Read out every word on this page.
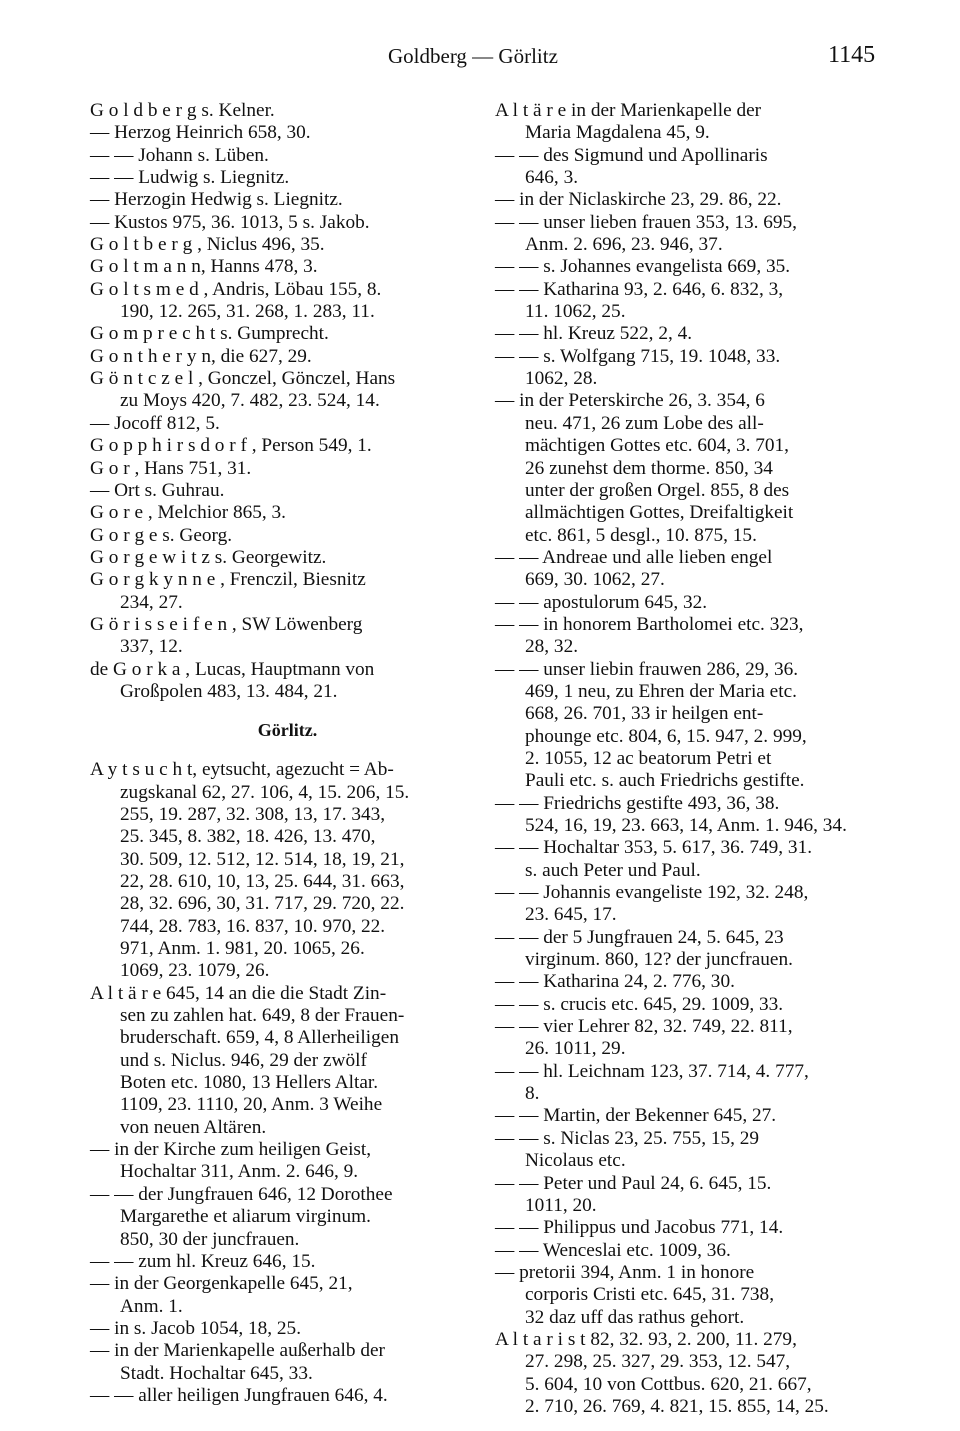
Goldberg — Görlitz	1145
G o l d b e r g s. Kelner.
— Herzog Heinrich 658, 30.
— — Johann s. Lüben.
— — Ludwig s. Liegnitz.
— Herzogin Hedwig s. Liegnitz.
— Kustos 975, 36. 1013, 5 s. Jakob.
G o l t b e r g , Niclus 496, 35.
G o l t m a n n, Hanns 478, 3.
G o l t s m e d , Andris, Löbau 155, 8.
190, 12. 265, 31. 268, 1. 283, 11.
G o m p r e c h t s. Gumprecht.
G o n t h e r y n, die 627, 29.
G ö n t c z e l , Gonczel, Gönczel, Hans
zu Moys 420, 7. 482, 23. 524, 14.
— Jocoff 812, 5.
G o p p h i r s d o r f , Person 549, 1.
G o r , Hans 751, 31.
— Ort s. Guhrau.
G o r e , Melchior 865, 3.
G o r g e s. Georg.
G o r g e w i t z s. Georgewitz.
G o r g k y n n e , Frenczil, Biesnitz
234, 27.
G ö r i s s e i f e n , SW Löwenberg
337, 12.
de G o r k a , Lucas, Hauptmann von
Großpolen 483, 13. 484, 21.
Görlitz.
A y t s u c h t, eytsucht, agezucht = Ab-
zugskanal 62, 27. 106, 4, 15. 206, 15.
255, 19. 287, 32. 308, 13, 17. 343,
25. 345, 8. 382, 18. 426, 13. 470,
30. 509, 12. 512, 12. 514, 18, 19, 21,
22, 28. 610, 10, 13, 25. 644, 31. 663,
28, 32. 696, 30, 31. 717, 29. 720, 22.
744, 28. 783, 16. 837, 10. 970, 22.
971, Anm. 1. 981, 20. 1065, 26.
1069, 23. 1079, 26.
A l t ä r e 645, 14 an die die Stadt Zin-
sen zu zahlen hat. 649, 8 der Frauen-
bruderschaft. 659, 4, 8 Allerheiligen
und s. Niclus. 946, 29 der zwölf
Boten etc. 1080, 13 Hellers Altar.
1109, 23. 1110, 20, Anm. 3 Weihe
von neuen Altären.
— in der Kirche zum heiligen Geist,
Hochaltar 311, Anm. 2. 646, 9.
— — der Jungfrauen 646, 12 Dorothee
Margarethe et aliarum virginum.
850, 30 der juncfrauen.
— — zum hl. Kreuz 646, 15.
— in der Georgenkapelle 645, 21,
Anm. 1.
— in s. Jacob 1054, 18, 25.
— in der Marienkapelle außerhalb der
Stadt. Hochaltar 645, 33.
— — aller heiligen Jungfrauen 646, 4.
A l t ä r e in der Marienkapelle der
Maria Magdalena 45, 9.
— — des Sigmund und Apollinaris
646, 3.
— in der Niclaskirche 23, 29. 86, 22.
— — unser lieben frauen 353, 13. 695,
Anm. 2. 696, 23. 946, 37.
— — s. Johannes evangelista 669, 35.
— — Katharina 93, 2. 646, 6. 832, 3,
11. 1062, 25.
— — hl. Kreuz 522, 2, 4.
— — s. Wolfgang 715, 19. 1048, 33.
1062, 28.
— in der Peterskirche 26, 3. 354, 6
neu. 471, 26 zum Lobe des all-
mächtigen Gottes etc. 604, 3. 701,
26 zunehst dem thorme. 850, 34
unter der großen Orgel. 855, 8 des
allmächtigen Gottes, Dreifaltigkeit
etc. 861, 5 desgl., 10. 875, 15.
— — Andreae und alle lieben engel
669, 30. 1062, 27.
— — apostulorum 645, 32.
— — in honorem Bartholomei etc. 323,
28, 32.
— — unser liebin frauwen 286, 29, 36.
469, 1 neu, zu Ehren der Maria etc.
668, 26. 701, 33 ir heilgen ent-
phounge etc. 804, 6, 15. 947, 2. 999,
2. 1055, 12 ac beatorum Petri et
Pauli etc. s. auch Friedrichs gestifte.
— — Friedrichs gestifte 493, 36, 38.
524, 16, 19, 23. 663, 14, Anm. 1. 946, 34.
— — Hochaltar 353, 5. 617, 36. 749, 31.
s. auch Peter und Paul.
— — Johannis evangeliste 192, 32. 248,
23. 645, 17.
— — der 5 Jungfrauen 24, 5. 645, 23
virginum. 860, 12? der juncfrauen.
— — Katharina 24, 2. 776, 30.
— — s. crucis etc. 645, 29. 1009, 33.
— — vier Lehrer 82, 32. 749, 22. 811,
26. 1011, 29.
— — hl. Leichnam 123, 37. 714, 4. 777,
8.
— — Martin, der Bekenner 645, 27.
— — s. Niclas 23, 25. 755, 15, 29
Nicolaus etc.
— — Peter und Paul 24, 6. 645, 15.
1011, 20.
— — Philippus und Jacobus 771, 14.
— — Wenceslai etc. 1009, 36.
— pretorii 394, Anm. 1 in honore
corporis Cristi etc. 645, 31. 738,
32 daz uff das rathus gehort.
A l t a r i s t 82, 32. 93, 2. 200, 11. 279,
27. 298, 25. 327, 29. 353, 12. 547,
5. 604, 10 von Cottbus. 620, 21. 667,
2. 710, 26. 769, 4. 821, 15. 855, 14, 25.
